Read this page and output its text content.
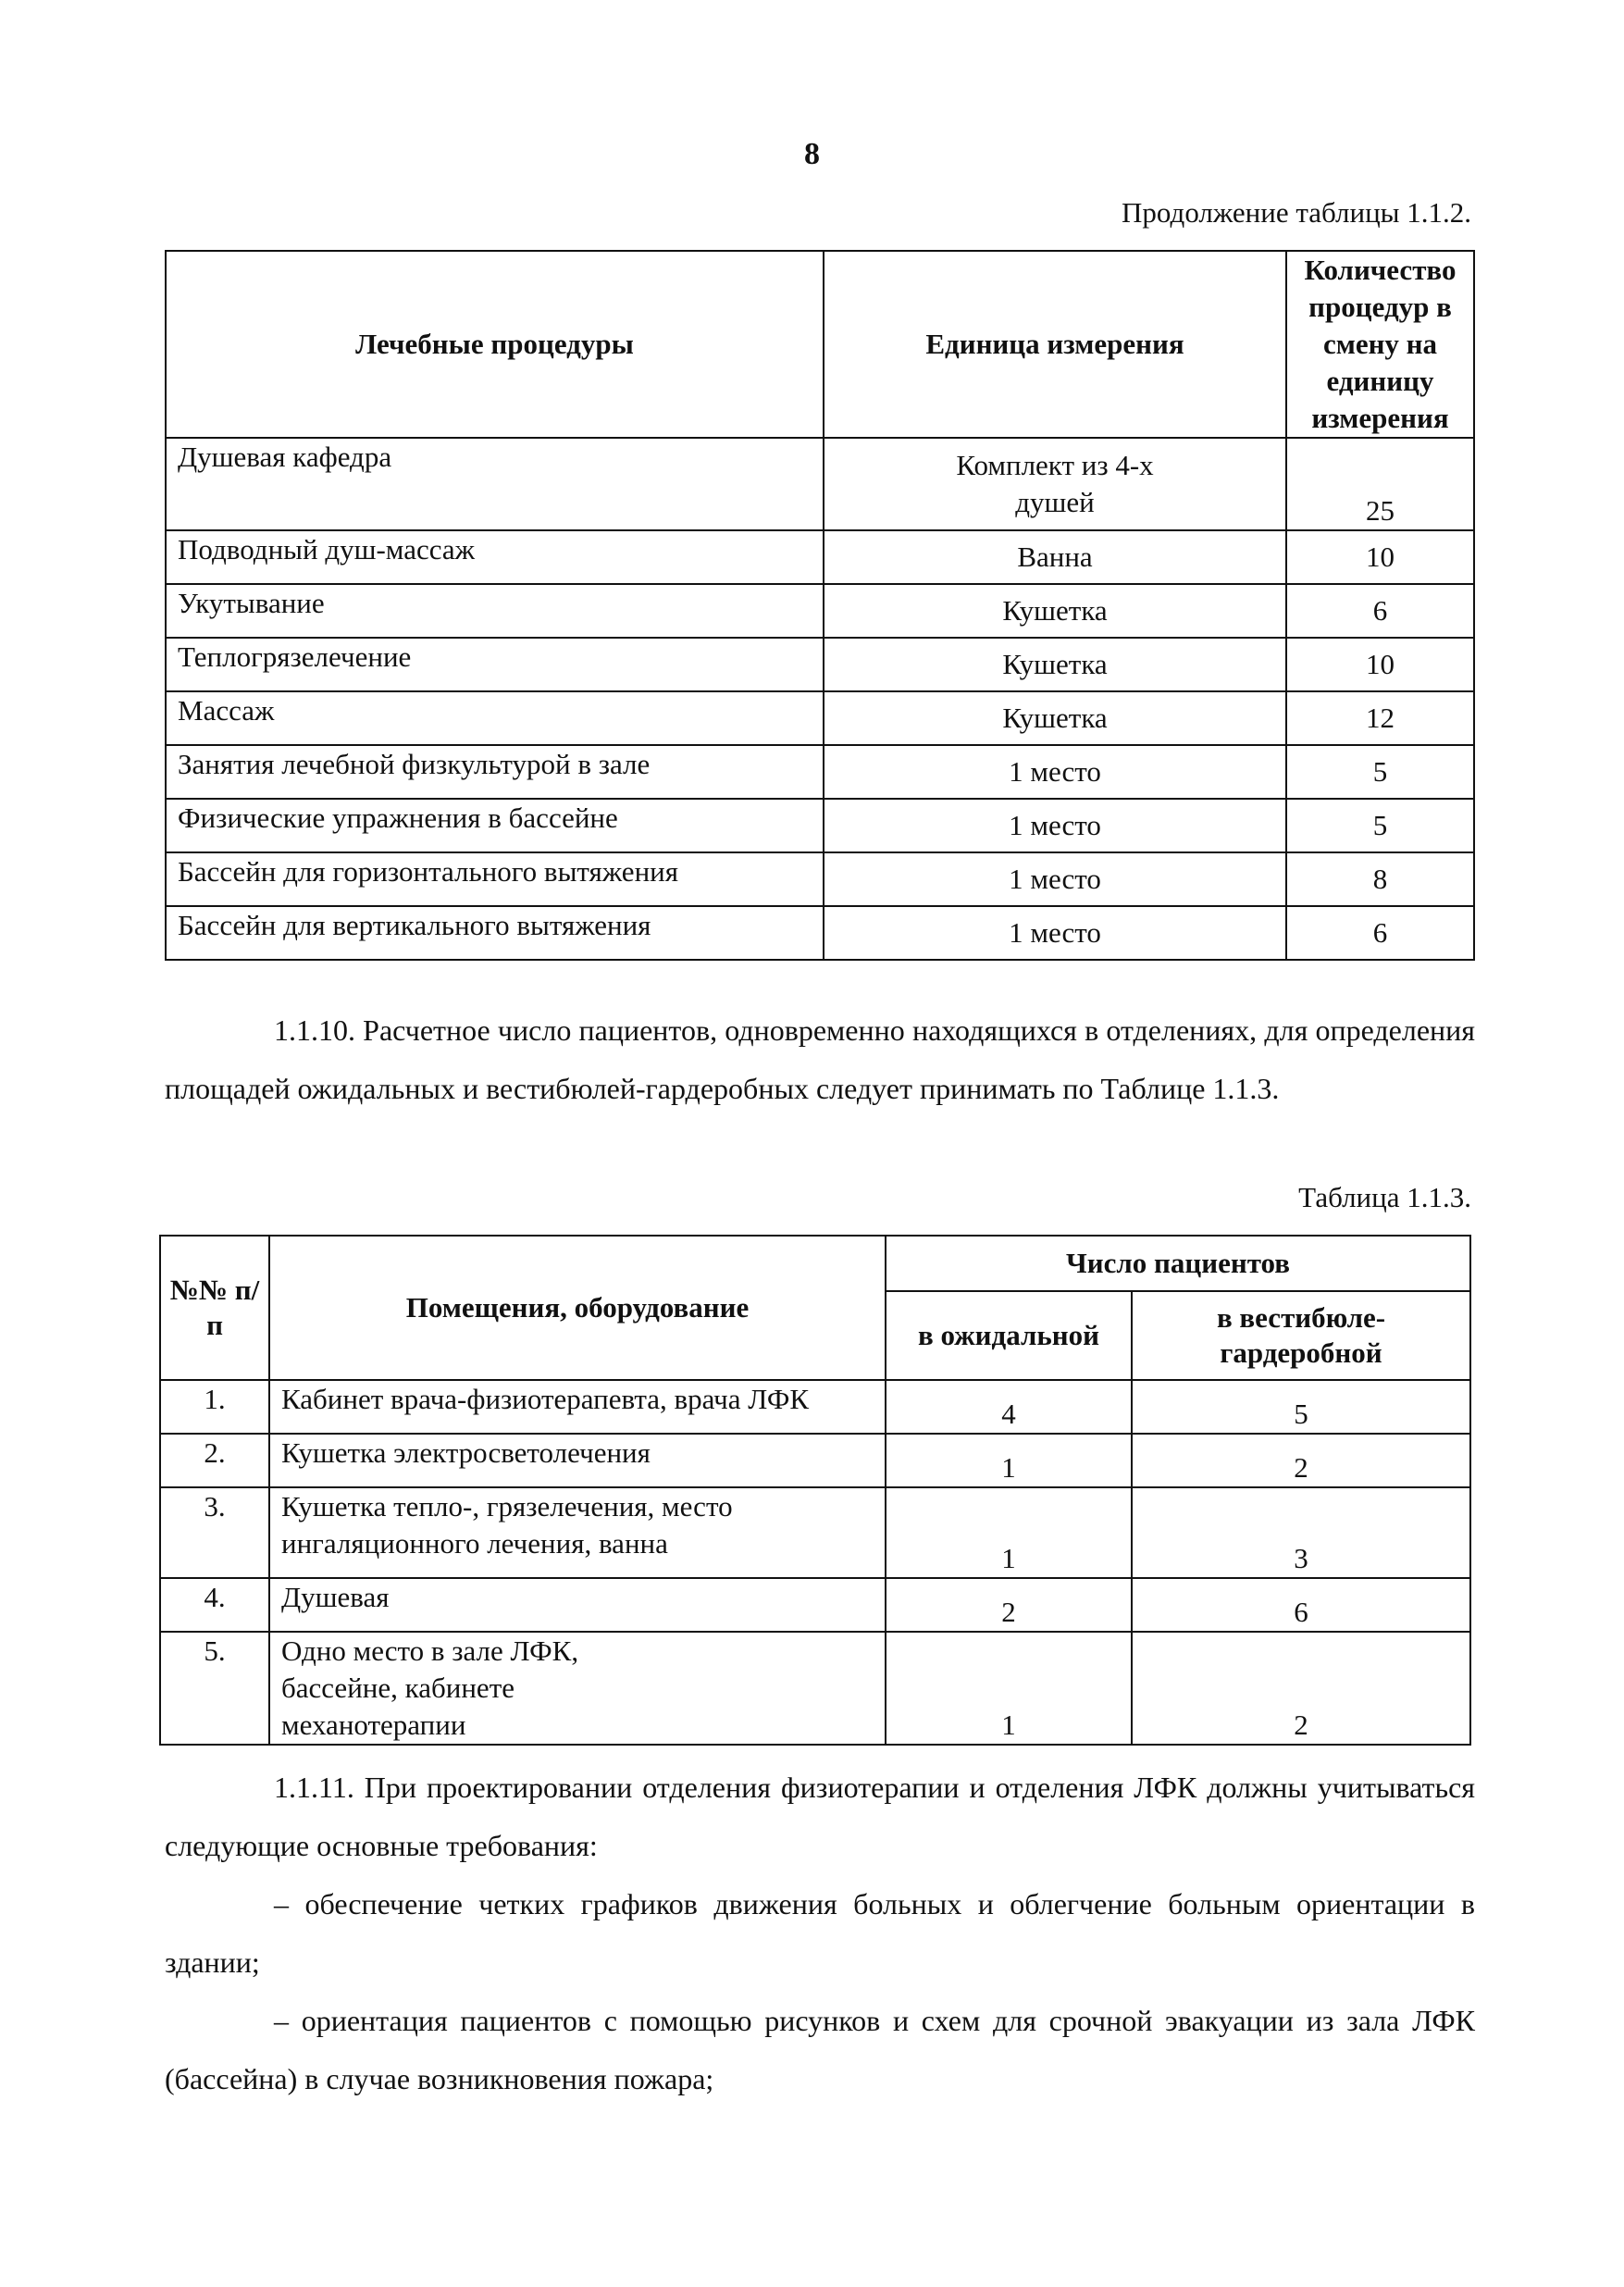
8
Продолжение таблицы 1.1.2.
Лечебные процедуры	Единица измерения	Количество процедур в смену на единицу измерения
Душевая кафедра	Комплект из 4-х душей	25
Подводный душ-массаж	Ванна	10
Укутывание	Кушетка	6
Теплогрязелечение	Кушетка	10
Массаж	Кушетка	12
Занятия лечебной физкультурой в зале	1 место	5
Физические упражнения в бассейне	1 место	5
Бассейн для горизонтального вытяжения	1 место	8
Бассейн для вертикального вытяжения	1 место	6
1.1.10. Расчетное число пациентов, одновременно находящихся в отделениях, для определения площадей ожидальных и вестибюлей-гардеробных следует принимать по Таблице 1.1.3.
Таблица 1.1.3.
№№ п/п	Помещения, оборудование	Число пациентов	
		в ожидальной	в вестибюле-гардеробной
1.	Кабинет врача-физиотерапевта, врача ЛФК	4	5
2.	Кушетка электросветолечения	1	2
3.	Кушетка тепло-, грязелечения, место ингаляционного лечения, ванна	1	3
4.	Душевая	2	6
5.	Одно место в зале ЛФК, бассейне, кабинете механотерапии	1	2
1.1.11. При проектировании отделения физиотерапии и отделения ЛФК должны учитываться следующие основные требования:
– обеспечение четких графиков движения больных и облегчение больным ориентации в здании;
– ориентация пациентов с помощью рисунков и схем для срочной эвакуации из зала ЛФК (бассейна) в случае возникновения пожара;
